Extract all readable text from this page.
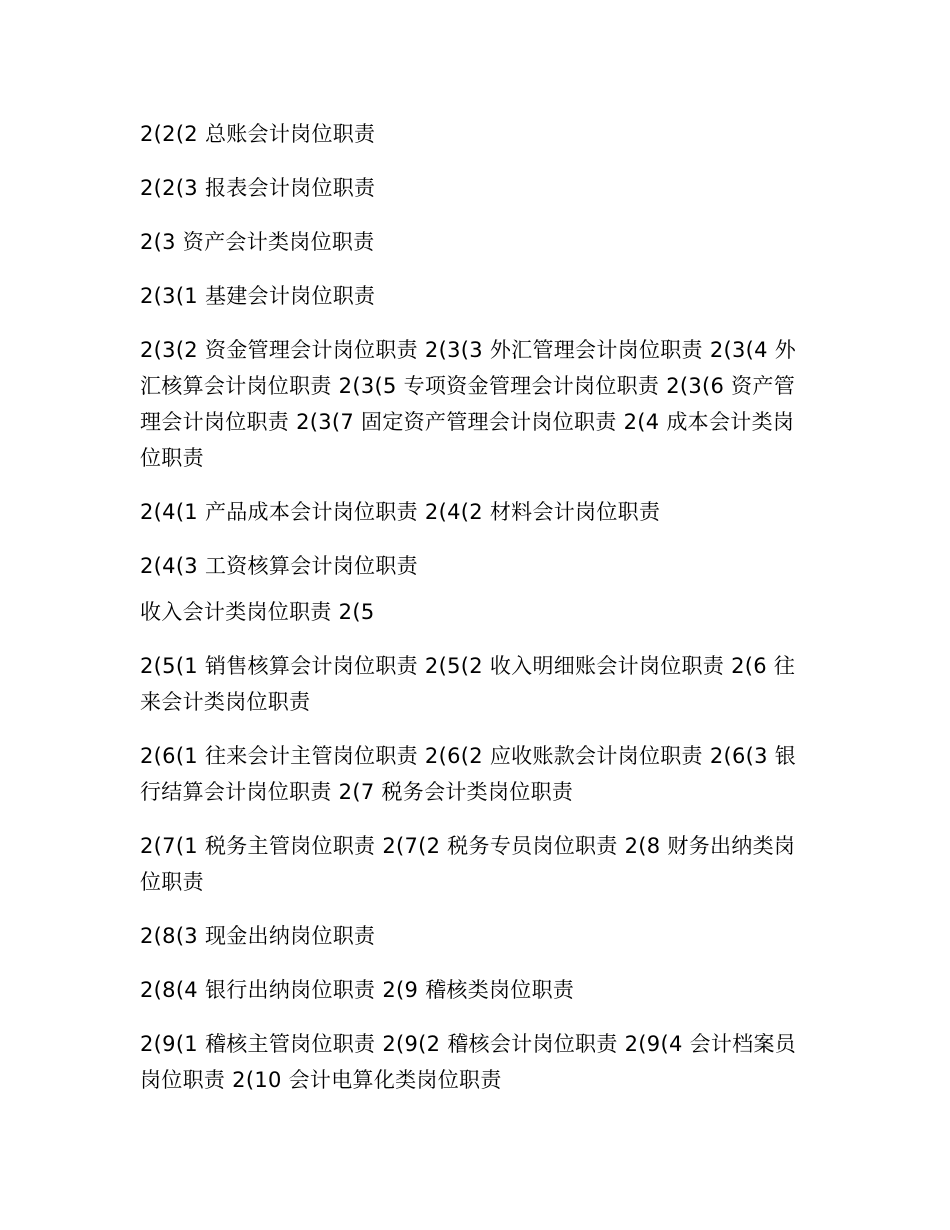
2(2(2 总账会计岗位职责

2(2(3 报表会计岗位职责

2(3 资产会计类岗位职责

2(3(1 基建会计岗位职责

2(3(2 资金管理会计岗位职责 2(3(3 外汇管理会计岗位职责 2(3(4 外汇核算会计岗位职责 2(3(5 专项资金管理会计岗位职责 2(3(6 资产管理会计岗位职责 2(3(7 固定资产管理会计岗位职责 2(4 成本会计类岗位职责

2(4(1 产品成本会计岗位职责 2(4(2 材料会计岗位职责

2(4(3 工资核算会计岗位职责

收入会计类岗位职责 2(5

2(5(1 销售核算会计岗位职责 2(5(2 收入明细账会计岗位职责 2(6 往来会计类岗位职责

2(6(1 往来会计主管岗位职责 2(6(2 应收账款会计岗位职责 2(6(3 银行结算会计岗位职责 2(7 税务会计类岗位职责

2(7(1 税务主管岗位职责 2(7(2 税务专员岗位职责 2(8 财务出纳类岗位职责

2(8(3 现金出纳岗位职责

2(8(4 银行出纳岗位职责 2(9 稽核类岗位职责

2(9(1 稽核主管岗位职责 2(9(2 稽核会计岗位职责 2(9(4 会计档案员岗位职责 2(10 会计电算化类岗位职责
